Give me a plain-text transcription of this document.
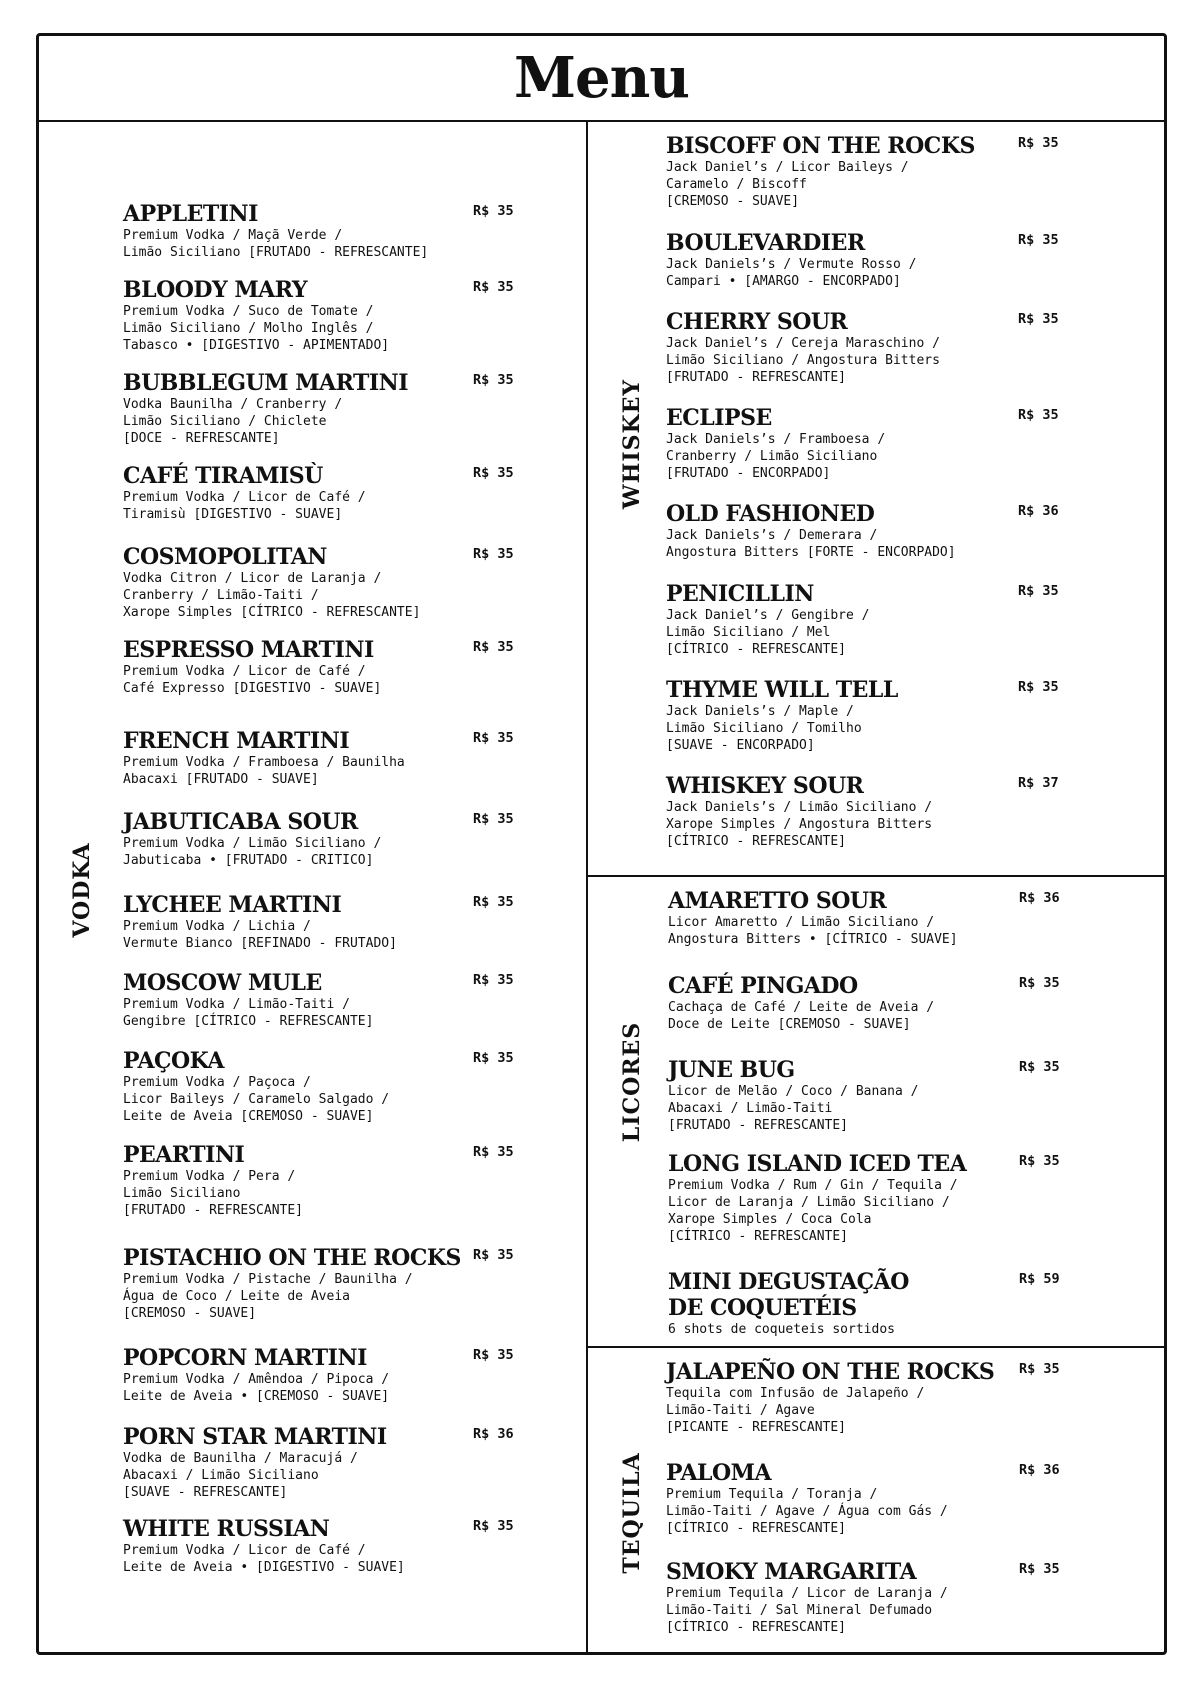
Menu
VODKA
WHISKEY
LICORES
TEQUILA
APPLETINI
Premium Vodka / Maçã Verde /
Limão Siciliano [FRUTADO - REFRESCANTE]
R$ 35
BLOODY MARY
Premium Vodka / Suco de Tomate /
Limão Siciliano / Molho Inglês /
Tabasco • [DIGESTIVO - APIMENTADO]
R$ 35
BUBBLEGUM MARTINI
Vodka Baunilha / Cranberry /
Limão Siciliano / Chiclete
[DOCE - REFRESCANTE]
R$ 35
CAFÉ TIRAMISÙ
Premium Vodka / Licor de Café /
Tiramisù [DIGESTIVO - SUAVE]
R$ 35
COSMOPOLITAN
Vodka Citron / Licor de Laranja /
Cranberry / Limão-Taiti /
Xarope Simples [CÍTRICO - REFRESCANTE]
R$ 35
ESPRESSO MARTINI
Premium Vodka / Licor de Café /
Café Expresso [DIGESTIVO - SUAVE]
R$ 35
FRENCH MARTINI
Premium Vodka / Framboesa / Baunilha
Abacaxi [FRUTADO - SUAVE]
R$ 35
JABUTICABA SOUR
Premium Vodka / Limão Siciliano /
Jabuticaba • [FRUTADO - CRITICO]
R$ 35
LYCHEE MARTINI
Premium Vodka / Lichia /
Vermute Bianco [REFINADO - FRUTADO]
R$ 35
MOSCOW MULE
Premium Vodka / Limão-Taiti /
Gengibre [CÍTRICO - REFRESCANTE]
R$ 35
PAÇOKA
Premium Vodka / Paçoca /
Licor Baileys / Caramelo Salgado /
Leite de Aveia [CREMOSO - SUAVE]
R$ 35
PEARTINI
Premium Vodka / Pera /
Limão Siciliano
[FRUTADO - REFRESCANTE]
R$ 35
PISTACHIO ON THE ROCKS
Premium Vodka / Pistache / Baunilha /
Água de Coco / Leite de Aveia
[CREMOSO - SUAVE]
R$ 35
POPCORN MARTINI
Premium Vodka / Amêndoa / Pipoca /
Leite de Aveia • [CREMOSO - SUAVE]
R$ 35
PORN STAR MARTINI
Vodka de Baunilha / Maracujá /
Abacaxi / Limão Siciliano
[SUAVE - REFRESCANTE]
R$ 36
WHITE RUSSIAN
Premium Vodka / Licor de Café /
Leite de Aveia • [DIGESTIVO - SUAVE]
R$ 35
BISCOFF ON THE ROCKS
Jack Daniel’s / Licor Baileys /
Caramelo / Biscoff
[CREMOSO - SUAVE]
R$ 35
BOULEVARDIER
Jack Daniels’s / Vermute Rosso /
Campari • [AMARGO - ENCORPADO]
R$ 35
CHERRY SOUR
Jack Daniel’s / Cereja Maraschino /
Limão Siciliano / Angostura Bitters
[FRUTADO - REFRESCANTE]
R$ 35
ECLIPSE
Jack Daniels’s / Framboesa /
Cranberry / Limão Siciliano
[FRUTADO - ENCORPADO]
R$ 35
OLD FASHIONED
Jack Daniels’s / Demerara /
Angostura Bitters [FORTE - ENCORPADO]
R$ 36
PENICILLIN
Jack Daniel’s / Gengibre /
Limão Siciliano / Mel
[CÍTRICO - REFRESCANTE]
R$ 35
THYME WILL TELL
Jack Daniels’s / Maple /
Limão Siciliano / Tomilho
[SUAVE - ENCORPADO]
R$ 35
WHISKEY SOUR
Jack Daniels’s / Limão Siciliano /
Xarope Simples / Angostura Bitters
[CÍTRICO - REFRESCANTE]
R$ 37
AMARETTO SOUR
Licor Amaretto / Limão Siciliano /
Angostura Bitters • [CÍTRICO - SUAVE]
R$ 36
CAFÉ PINGADO
Cachaça de Café / Leite de Aveia /
Doce de Leite [CREMOSO - SUAVE]
R$ 35
JUNE BUG
Licor de Melão / Coco / Banana /
Abacaxi / Limão-Taiti
[FRUTADO - REFRESCANTE]
R$ 35
LONG ISLAND ICED TEA
Premium Vodka / Rum / Gin / Tequila /
Licor de Laranja / Limão Siciliano /
Xarope Simples / Coca Cola
[CÍTRICO - REFRESCANTE]
R$ 35
MINI DEGUSTAÇÃO
DE COQUETÉIS
6 shots de coqueteis sortidos
R$ 59
JALAPEÑO ON THE ROCKS
Tequila com Infusão de Jalapeño /
Limão-Taiti / Agave
[PICANTE - REFRESCANTE]
R$ 35
PALOMA
Premium Tequila / Toranja /
Limão-Taiti / Agave / Água com Gás /
[CÍTRICO - REFRESCANTE]
R$ 36
SMOKY MARGARITA
Premium Tequila / Licor de Laranja /
Limão-Taiti / Sal Mineral Defumado
[CÍTRICO - REFRESCANTE]
R$ 35
